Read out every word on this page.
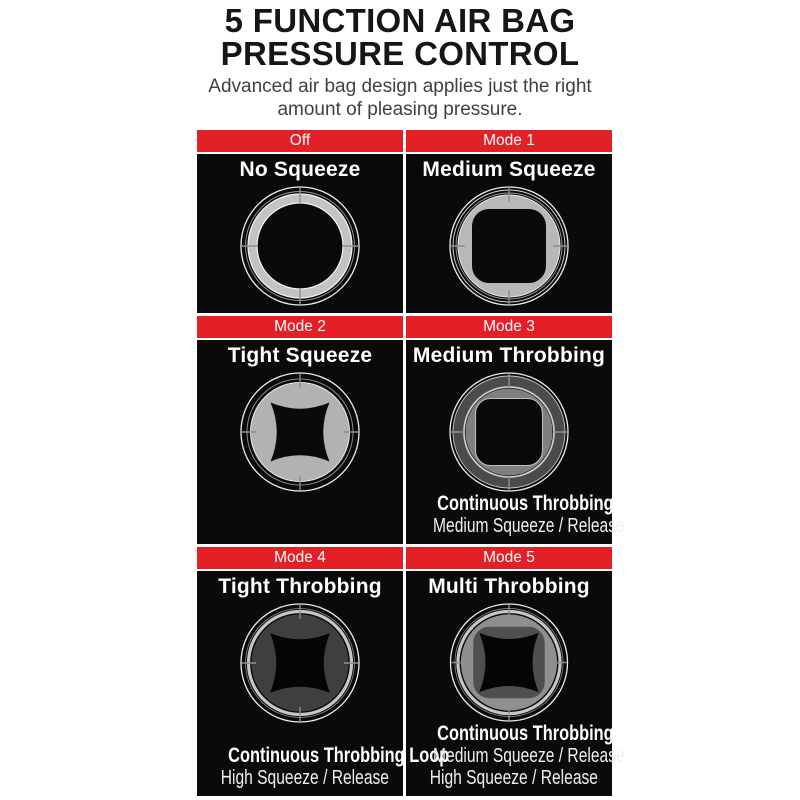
5 FUNCTION AIR BAG PRESSURE CONTROL

Advanced air bag design applies just the right amount of pleasing pressure.

Off
No Squeeze
Mode 1
Medium Squeeze
Mode 2
Tight Squeeze
Mode 3
Medium Throbbing
Continuous Throbbing Loop
Medium Squeeze / Release
Mode 4
Tight Throbbing
Continuous Throbbing Loop
High Squeeze / Release
Mode 5
Multi Throbbing
Continuous Throbbing Loop
Medium Squeeze / Release
High Squeeze / Release
